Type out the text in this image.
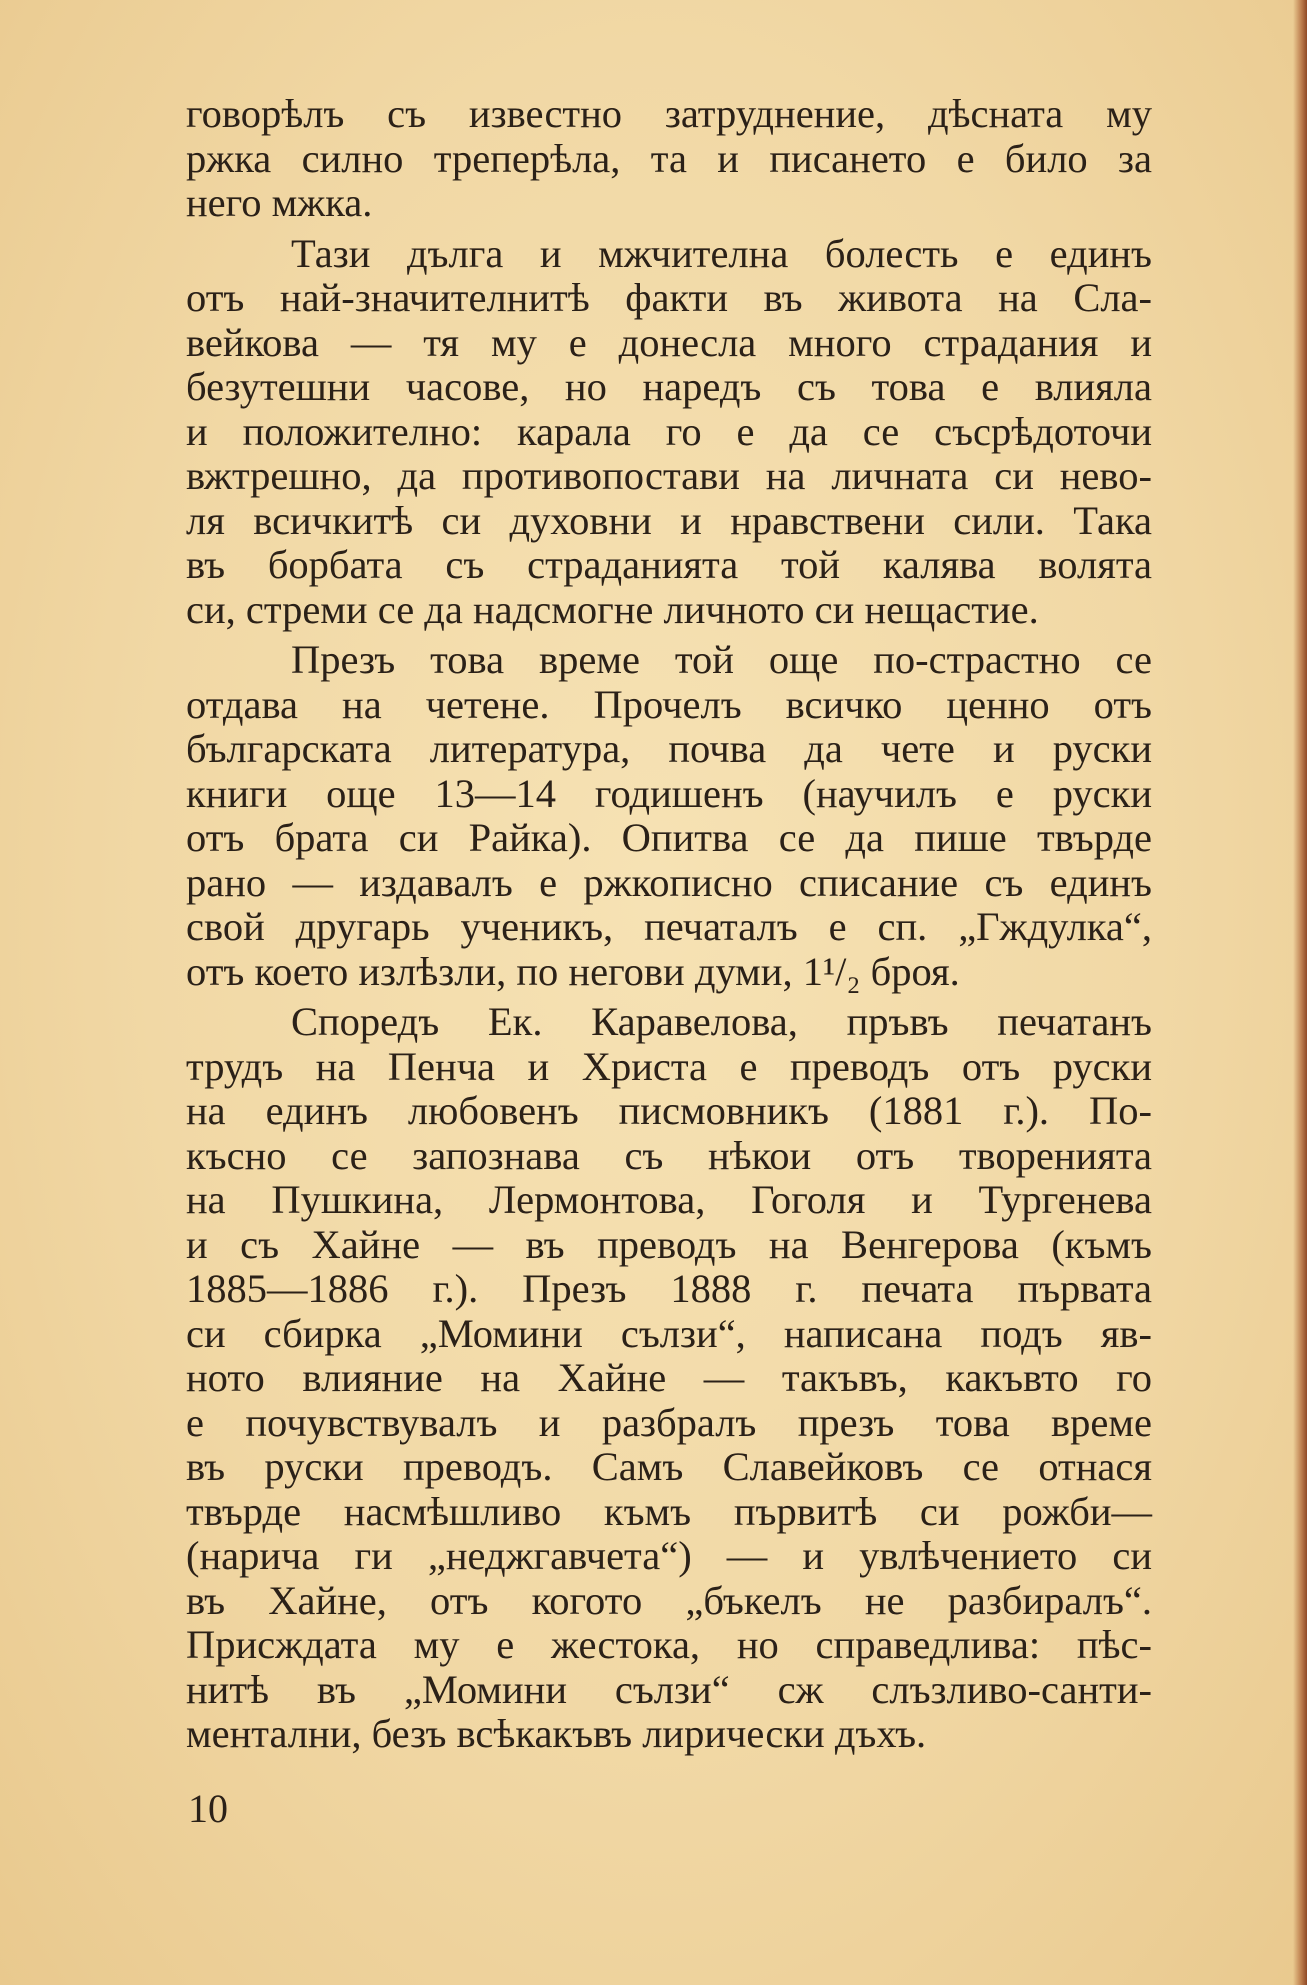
говорѣлъ съ известно затруднение, дѣсната му
ржка силно треперѣла, та и писането е било за
него мжка.
Тази дълга и мжчителна болесть е единъ
отъ най-значителнитѣ факти въ живота на Сла-
вейкова — тя му е донесла много страдания и
безутешни часове, но наредъ съ това е влияла
и положително: карала го е да се съсрѣдоточи
вжтрешно, да противопостави на личната си нево-
ля всичкитѣ си духовни и нравствени сили. Така
въ борбата съ страданията той калява волята
си, стреми се да надсмогне личното си нещастие.
Презъ това време той още по-страстно се
отдава на четене. Прочелъ всичко ценно отъ
българската литература, почва да чете и руски
книги още 13—14 годишенъ (научилъ е руски
отъ брата си Райка). Опитва се да пише твърде
рано — издавалъ е ржкописно списание съ единъ
свой другарь ученикъ, печаталъ е сп. „Гждулка“,
отъ което излѣзли, по негови думи, 1¹/₂ броя.
Споредъ Ек. Каравелова, пръвъ печатанъ
трудъ на Пенча и Христа е преводъ отъ руски
на единъ любовенъ писмовникъ (1881 г.). По-
късно се запознава съ нѣкои отъ творенията
на Пушкина, Лермонтова, Гоголя и Тургенева
и съ Хайне — въ преводъ на Венгерова (къмъ
1885—1886 г.). Презъ 1888 г. печата първата
си сбирка „Момини сълзи“, написана подъ яв-
ното влияние на Хайне — такъвъ, какъвто го
е почувствувалъ и разбралъ презъ това време
въ руски преводъ. Самъ Славейковъ се отнася
твърде насмѣшливо къмъ първитѣ си рожби—
(нарича ги „неджгавчета“) — и увлѣчението си
въ Хайне, отъ когото „бъкелъ не разбиралъ“.
Присждата му е жестока, но справедлива: пѣс-
нитѣ въ „Момини сълзи“ сж слъзливо-санти-
ментални, безъ всѣкакъвъ лирически дъхъ.
10
